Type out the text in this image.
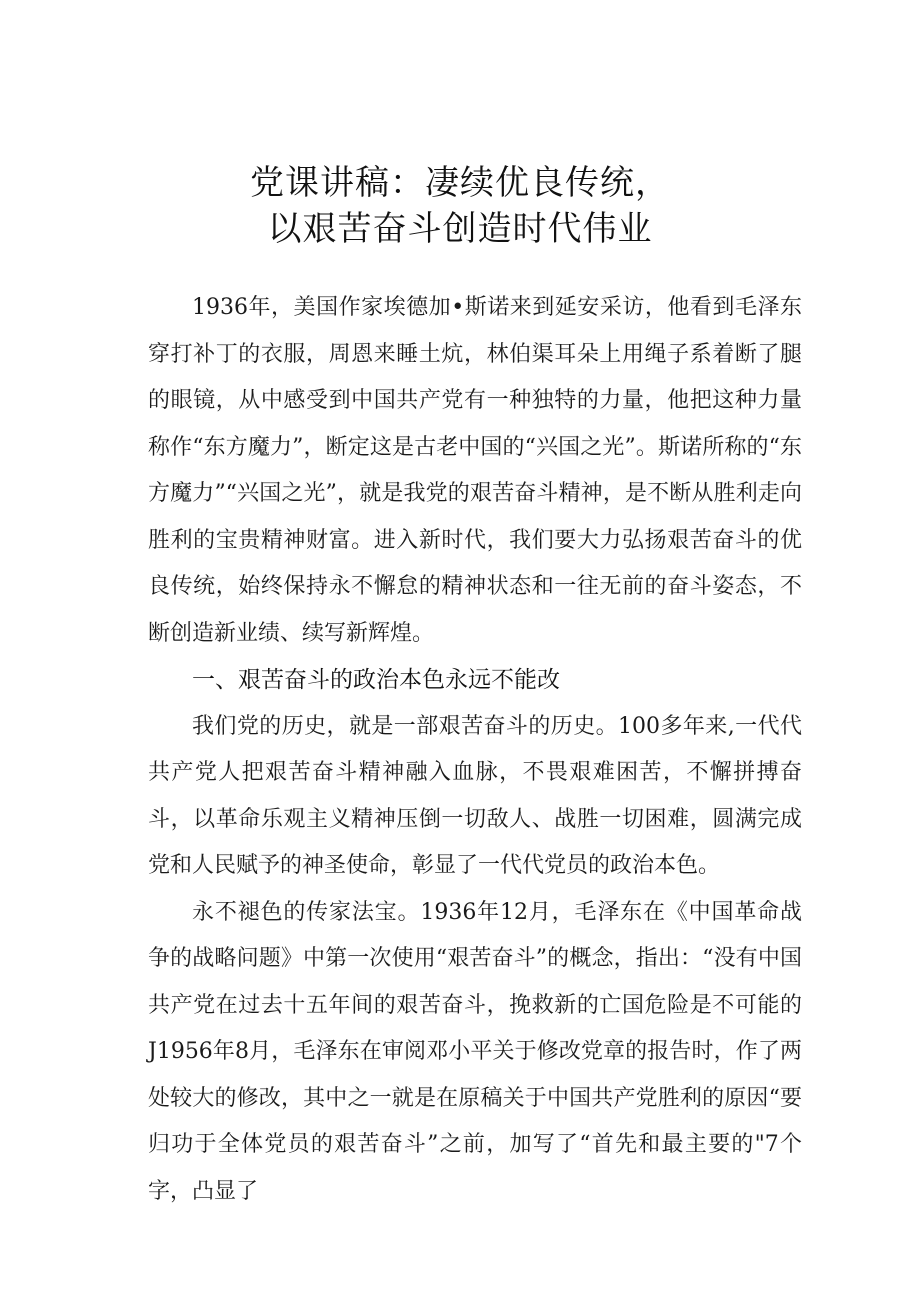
党课讲稿：凄续优良传统，
以艰苦奋斗创造时代伟业

1936年，美国作家埃德加•斯诺来到延安采访，他看到毛泽东穿打补丁的衣服，周恩来睡土炕，林伯渠耳朵上用绳子系着断了腿的眼镜，从中感受到中国共产党有一种独特的力量，他把这种力量称作“东方魔力”，断定这是古老中国的“兴国之光”。斯诺所称的“东方魔力”“兴国之光”，就是我党的艰苦奋斗精神，是不断从胜利走向胜利的宝贵精神财富。进入新时代，我们要大力弘扬艰苦奋斗的优良传统，始终保持永不懈怠的精神状态和一往无前的奋斗姿态，不断创造新业绩、续写新辉煌。

一、艰苦奋斗的政治本色永远不能改

我们党的历史，就是一部艰苦奋斗的历史。100多年来,一代代共产党人把艰苦奋斗精神融入血脉，不畏艰难困苦，不懈拼搏奋斗，以革命乐观主义精神压倒一切敌人、战胜一切困难，圆满完成党和人民赋予的神圣使命，彰显了一代代党员的政治本色。

永不褪色的传家法宝。1936年12月，毛泽东在《中国革命战争的战略问题》中第一次使用“艰苦奋斗”的概念，指出：“没有中国共产党在过去十五年间的艰苦奋斗，挽救新的亡国危险是不可能的J1956年8月，毛泽东在审阅邓小平关于修改党章的报告时，作了两处较大的修改，其中之一就是在原稿关于中国共产党胜利的原因“要归功于全体党员的艰苦奋斗”之前，加写了“首先和最主要的"7个字，凸显了
